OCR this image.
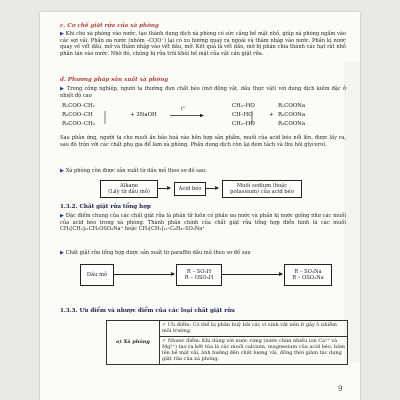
c. Cơ chế giặt rửa của xà phòng
▶ Khi cho xà phòng vào nước, tạo thành dung dịch xà phòng có sức căng bề mặt nhỏ, giúp xà phòng ngấm vào các sợi vải. Phần ưa nước (nhóm –COO⁻) lại có xu hướng quay ra ngoài và thâm nhập vào nước. Phần kị nước quay về vết dầu, mỡ và thâm nhập vào vết dầu, mỡ. Kết quả là vết dầu, mỡ bị phân chia thành các hạt rất nhỏ phân tán vào nước. Nhờ đó, chúng bị rửa trôi khỏi bề mặt của vật cần giặt rửa.
d. Phương pháp sản xuất xà phòng
▶ Trong công nghiệp, người ta thường đun chất béo (mỡ động vật, dầu thực vật) với dung dịch kiềm đặc ở nhiệt độ cao
R₁COO–CH₂
R₂COO–CH
R₃COO–CH₂
+ 3NaOH
t°
CH₂–HO
CH–HO
CH₂–HO
+
R₁COONa
R₂COONa
R₃COONa
Sau phản ứng, người ta cho muối ăn bão hoà vào hỗn hợp sản phẩm, muối của acid béo nổi lên, được lấy ra, sau đó trộn với các chất phụ gia để làm xà phòng. Phần dung dịch còn lại đem tách và thu hồi glycerol.
▶ Xà phòng còn được sản xuất từ dầu mỏ theo sơ đồ sau:
Alkane
(Lấy từ dầu mỏ)	Acid béo	Muối sodium (hoặc
potassium) của acid béo
1.3.2. Chất giặt rửa tổng hợp
▶ Đặc điểm chung của các chất giặt rửa là phân tử luôn có phần ưa nước và phần kị nước giống như các muối của acid béo trong xà phòng. Thành phần chính của chất giặt rửa tổng hợp điển hình là các muối CH₃[CH₂]₁₁CH₂OSO₃Na⁺ hoặc CH₃[CH₂]₁₁–C₆H₄–SO₃Na⁺
▶ Chất giặt rửa tổng hợp được sản xuất từ paraffin dầu mỏ theo sơ đồ sau
Dầu mỏ	R – SO₃H
R – OSO₃H
R – SO₃Na
R – OSO₃Na
1.3.3. Ưu điểm và nhược điểm của các loại chất giặt rửa
a) Xà phòng	✓ Ưu điểm: Có thể bị phân huỷ bởi các vi sinh vật nên ít gây ô nhiễm môi trường.
✓ Nhược điểm: Khi dùng với nước cứng (nước chứa nhiều ion Ca²⁺ và Mg²⁺) tạo ra kết tủa là các muối calcium, magnesium của acid béo, bám lên bề mặt vải, ảnh hưởng đến chất lượng vải, đồng thời giảm tác dụng giặt rửa của xà phòng.
9
